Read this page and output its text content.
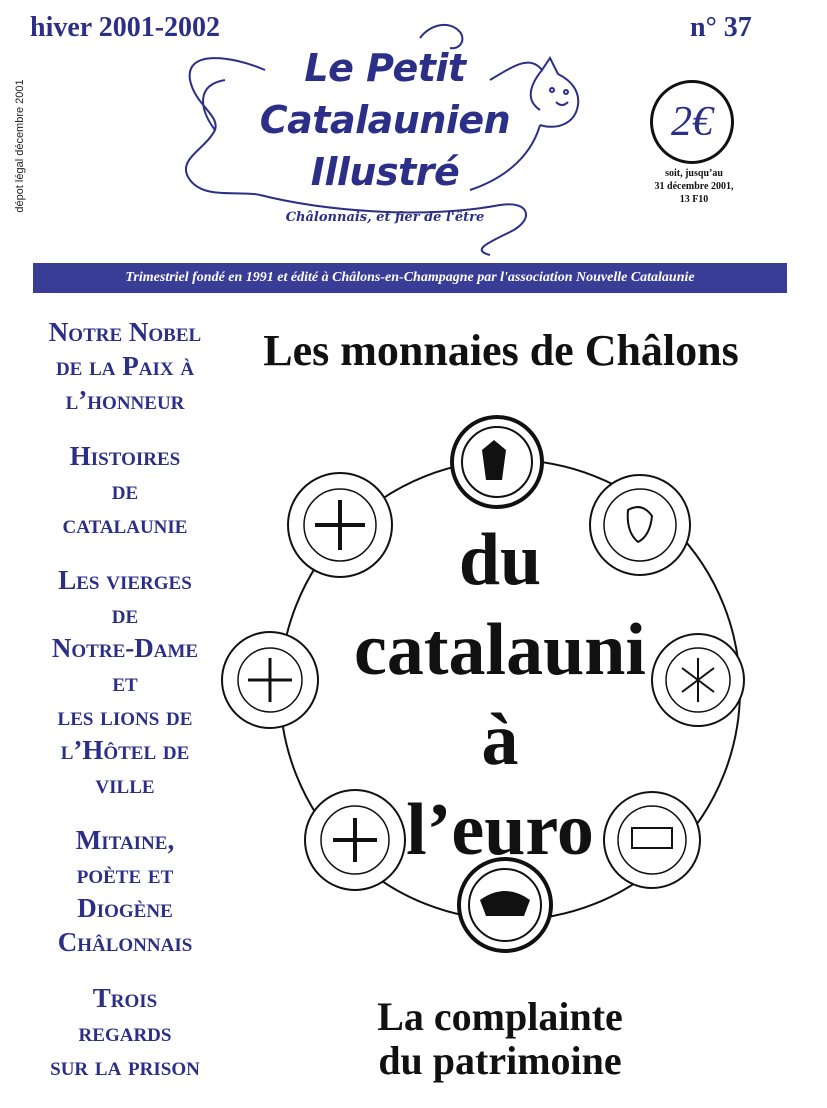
hiver 2001-2002	n° 37
dépot légal décembre 2001
Le Petit
Catalaunien
Illustré
Châlonnais, et fier de l'être
2€
soit, jusqu’au
31 décembre 2001,
13 F10
Trimestriel fondé en 1991 et édité à Châlons-en-Champagne par l'association Nouvelle Catalaunie
Notre Nobel
de la Paix à
l’honneur
Histoires
de
catalaunie
Les vierges
de
Notre-Dame
et
les lions de
l’Hôtel de
ville
Mitaine,
poète et
Diogène
Châlonnais
Trois
regards
sur la prison
Les monnaies de Châlons
du
catalauni
à
l’euro
La complainte
du patrimoine
